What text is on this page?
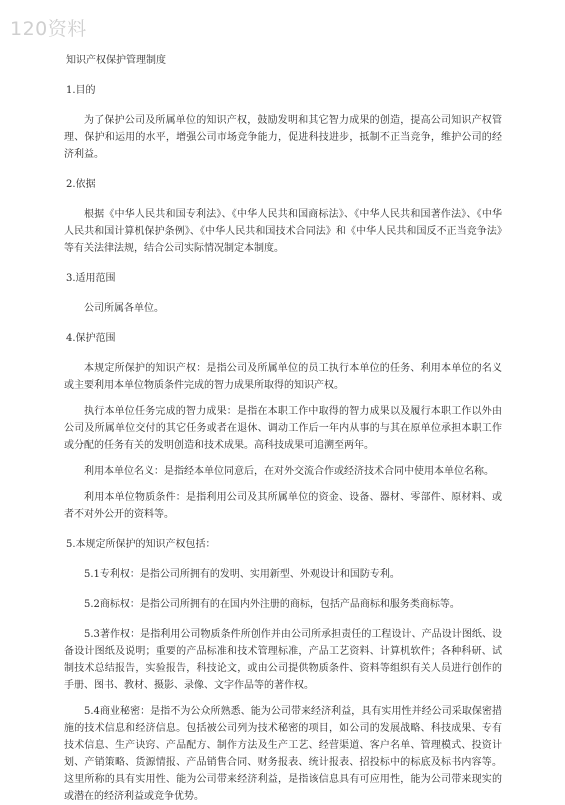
120资料

知识产权保护管理制度

1.目的

为了保护公司及所属单位的知识产权，鼓励发明和其它智力成果的创造，提高公司知识产权管理、保护和运用的水平，增强公司市场竞争能力，促进科技进步，抵制不正当竞争，维护公司的经济利益。

2.依据

根据《中华人民共和国专利法》、《中华人民共和国商标法》、《中华人民共和国著作法》、《中华人民共和国计算机保护条例》、《中华人民共和国技术合同法》和《中华人民共和国反不正当竞争法》等有关法律法规，结合公司实际情况制定本制度。

3.适用范围

公司所属各单位。

4.保护范围

本规定所保护的知识产权：是指公司及所属单位的员工执行本单位的任务、利用本单位的名义或主要利用本单位物质条件完成的智力成果所取得的知识产权。

执行本单位任务完成的智力成果：是指在本职工作中取得的智力成果以及履行本职工作以外由公司及所属单位交付的其它任务或者在退休、调动工作后一年内从事的与其在原单位承担本职工作或分配的任务有关的发明创造和技术成果。高科技成果可追溯至两年。

利用本单位名义：是指经本单位同意后，在对外交流合作或经济技术合同中使用本单位名称。

利用本单位物质条件：是指利用公司及其所属单位的资金、设备、器材、零部件、原材料、或者不对外公开的资料等。

5.本规定所保护的知识产权包括：

5.1专利权：是指公司所拥有的发明、实用新型、外观设计和国防专利。

5.2商标权：是指公司所拥有的在国内外注册的商标，包括产品商标和服务类商标等。

5.3著作权：是指利用公司物质条件所创作并由公司所承担责任的工程设计、产品设计图纸、设备设计图纸及说明；重要的产品标准和技术管理标准，产品工艺资料、计算机软件；各种科研、试制技术总结报告，实验报告，科技论文，或由公司提供物质条件、资料等组织有关人员进行创作的手册、图书、教材、摄影、录像、文字作品等的著作权。

5.4商业秘密：是指不为公众所熟悉、能为公司带来经济利益，具有实用性并经公司采取保密措施的技术信息和经济信息。包括被公司列为技术秘密的项目，如公司的发展战略、科技成果、专有技术信息、生产诀窍、产品配方、制作方法及生产工艺、经营渠道、客户名单、管理模式、投资计划、产销策略、货源情报、产品销售合同、财务报表、统计报表、招投标中的标底及标书内容等。这里所称的具有实用性、能为公司带来经济利益，是指该信息具有可应用性，能为公司带来现实的或潜在的经济利益或竞争优势。
